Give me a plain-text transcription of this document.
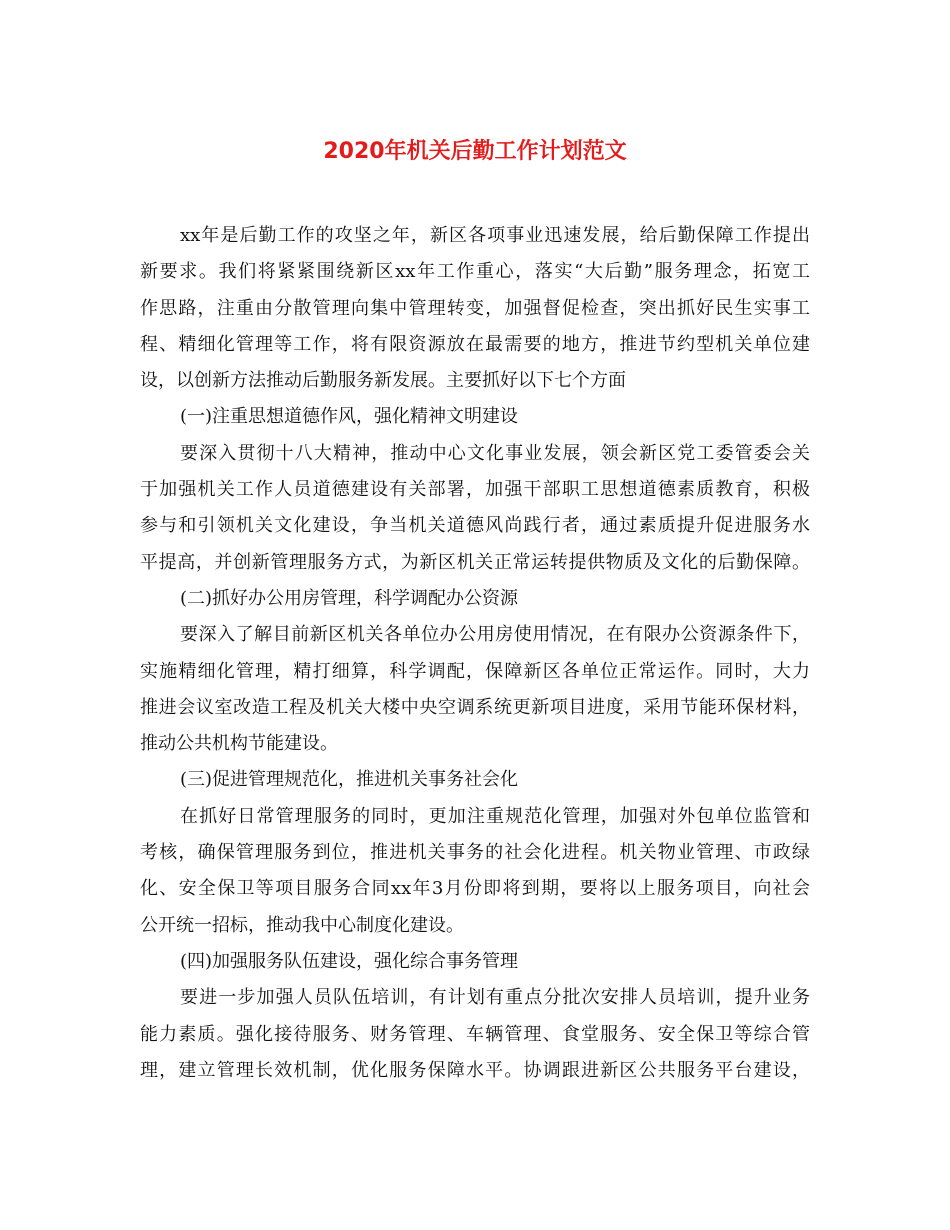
2020年机关后勤工作计划范文
xx年是后勤工作的攻坚之年，新区各项事业迅速发展，给后勤保障工作提出
新要求。我们将紧紧围绕新区xx年工作重心，落实“大后勤”服务理念，拓宽工
作思路，注重由分散管理向集中管理转变，加强督促检查，突出抓好民生实事工
程、精细化管理等工作，将有限资源放在最需要的地方，推进节约型机关单位建
设，以创新方法推动后勤服务新发展。主要抓好以下七个方面
(一)注重思想道德作风，强化精神文明建设
要深入贯彻十八大精神，推动中心文化事业发展，领会新区党工委管委会关
于加强机关工作人员道德建设有关部署，加强干部职工思想道德素质教育，积极
参与和引领机关文化建设，争当机关道德风尚践行者，通过素质提升促进服务水
平提高，并创新管理服务方式，为新区机关正常运转提供物质及文化的后勤保障。
(二)抓好办公用房管理，科学调配办公资源
要深入了解目前新区机关各单位办公用房使用情况，在有限办公资源条件下，
实施精细化管理，精打细算，科学调配，保障新区各单位正常运作。同时，大力
推进会议室改造工程及机关大楼中央空调系统更新项目进度，采用节能环保材料，
推动公共机构节能建设。
(三)促进管理规范化，推进机关事务社会化
在抓好日常管理服务的同时，更加注重规范化管理，加强对外包单位监管和
考核，确保管理服务到位，推进机关事务的社会化进程。机关物业管理、市政绿
化、安全保卫等项目服务合同xx年3月份即将到期，要将以上服务项目，向社会
公开统一招标，推动我中心制度化建设。
(四)加强服务队伍建设，强化综合事务管理
要进一步加强人员队伍培训，有计划有重点分批次安排人员培训，提升业务
能力素质。强化接待服务、财务管理、车辆管理、食堂服务、安全保卫等综合管
理，建立管理长效机制，优化服务保障水平。协调跟进新区公共服务平台建设，
